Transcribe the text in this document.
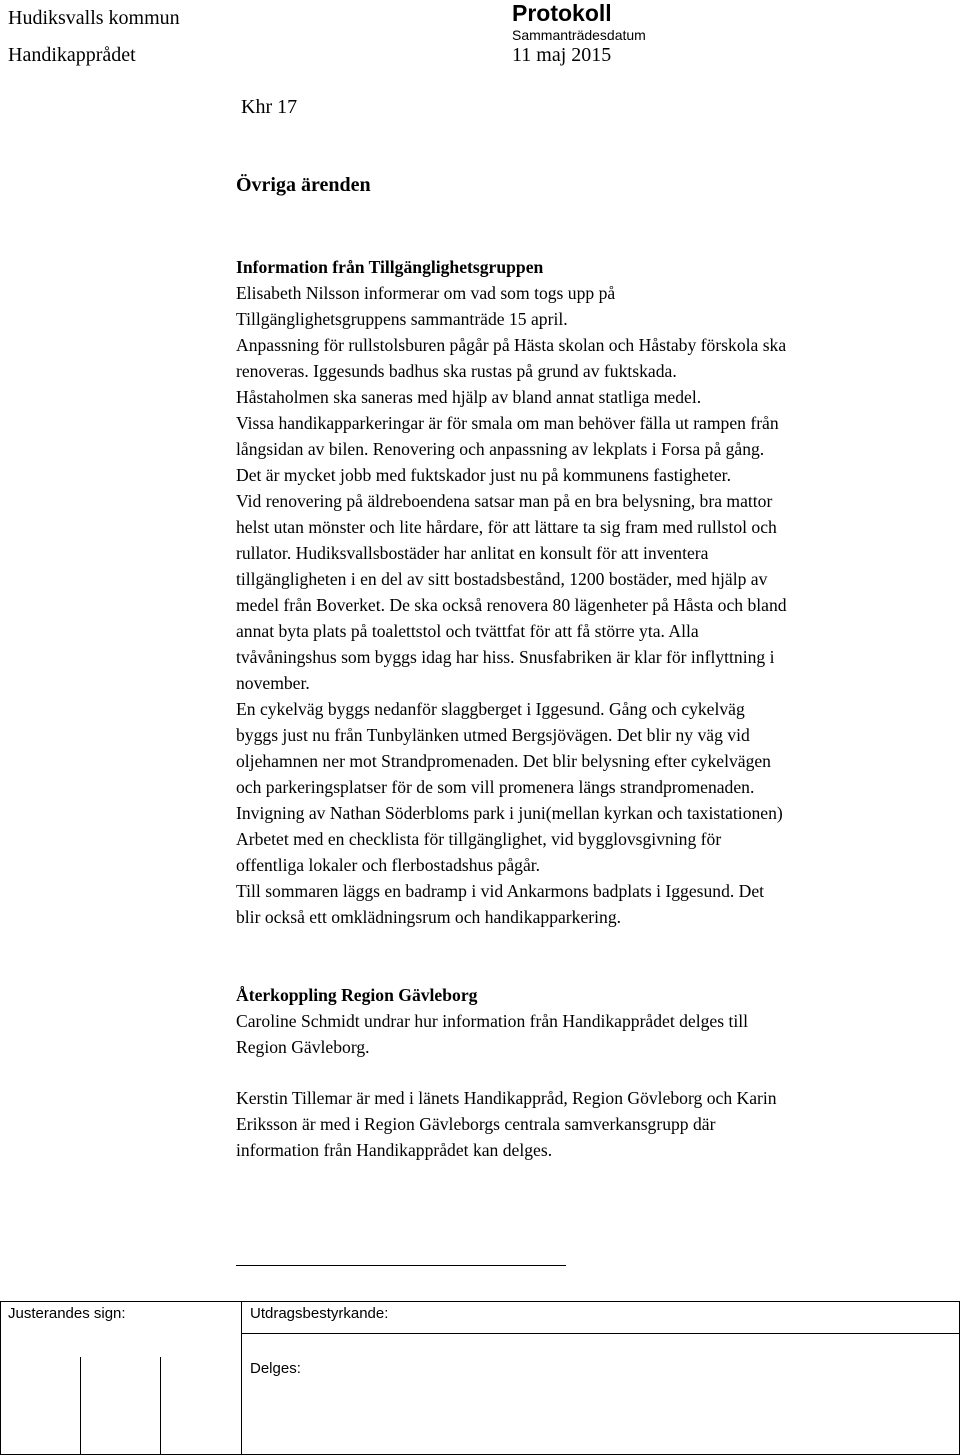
Hudiksvalls kommun
Handikapprådet
Protokoll
Sammanträdesdatum
11 maj 2015
Khr 17
Övriga ärenden
Information från Tillgänglighetsgruppen
Elisabeth Nilsson informerar om vad som togs upp på
Tillgänglighetsgruppens sammanträde 15 april.
Anpassning för rullstolsburen pågår på Hästa skolan och Håstaby förskola ska
renoveras. Iggesunds badhus ska rustas på grund av fuktskada.
Håstaholmen ska saneras med hjälp av bland annat statliga medel.
Vissa handikapparkeringar är för smala om man behöver fälla ut rampen från
långsidan av bilen. Renovering och anpassning av lekplats i Forsa på gång.
Det är mycket jobb med fuktskador just nu på kommunens fastigheter.
Vid renovering på äldreboendena satsar man på en bra belysning, bra mattor
helst utan mönster och lite hårdare, för att lättare ta sig fram med rullstol och
rullator. Hudiksvallsbostäder har anlitat en konsult för att inventera
tillgängligheten i en del av sitt bostadsbestånd, 1200 bostäder, med hjälp av
medel från Boverket. De ska också renovera 80 lägenheter på Håsta och bland
annat byta plats på toalettstol och tvättfat för att få större yta. Alla
tvåvåningshus som byggs idag har hiss. Snusfabriken är klar för inflyttning i
november.
En cykelväg byggs nedanför slaggberget i Iggesund. Gång och cykelväg
byggs just nu från Tunbylänken utmed Bergsjövägen. Det blir ny väg vid
oljehamnen ner mot Strandpromenaden. Det blir belysning efter cykelvägen
och parkeringsplatser för de som vill promenera längs strandpromenaden.
Invigning av Nathan Söderbloms park i juni(mellan kyrkan och taxistationen)
Arbetet med en checklista för tillgänglighet, vid bygglovsgivning för
offentliga lokaler och flerbostadshus pågår.
Till sommaren läggs en badramp i vid Ankarmons badplats i Iggesund. Det
blir också ett omklädningsrum och handikapparkering.
Återkoppling Region Gävleborg
Caroline Schmidt undrar hur information från Handikapprådet delges till
Region Gävleborg.
Kerstin Tillemar är med i länets Handikappråd, Region Gövleborg och Karin
Eriksson är med i Region Gävleborgs centrala samverkansgrupp där
information från Handikapprådet kan delges.
Justerandes sign:	Utdragsbestyrkande:
Delges:
